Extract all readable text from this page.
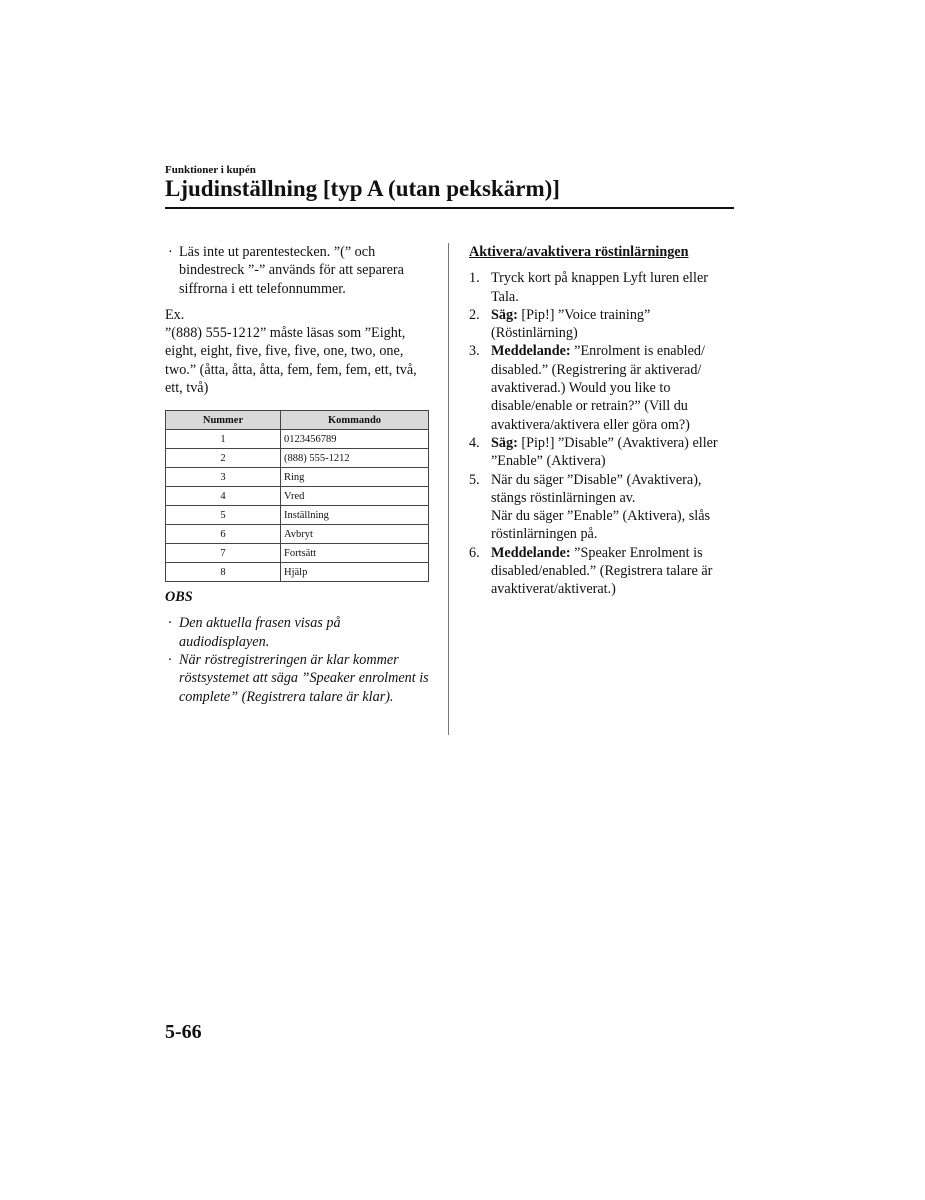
Funktioner i kupén
Ljudinställning [typ A (utan pekskärm)]
· Läs inte ut parentestecken. ”(” och bindestreck ”-” används för att separera siffrorna i ett telefonnummer.
Ex.
”(888) 555-1212” måste läsas som ”Eight, eight, eight, five, five, five, one, two, one, two.” (åtta, åtta, åtta, fem, fem, fem, ett, två, ett, två)
Nummer	Kommando
1	0123456789
2	(888) 555-1212
3	Ring
4	Vred
5	Inställning
6	Avbryt
7	Fortsätt
8	Hjälp
OBS
· Den aktuella frasen visas på audiodisplayen.
· När röstregistreringen är klar kommer röstsystemet att säga ”Speaker enrolment is complete” (Registrera talare är klar).
Aktivera/avaktivera röstinlärningen
1. Tryck kort på knappen Lyft luren eller Tala.
2. Säg: [Pip!] ”Voice training” (Röstinlärning)
3. Meddelande: ”Enrolment is enabled/ disabled.” (Registrering är aktiverad/ avaktiverad.) Would you like to disable/enable or retrain?” (Vill du avaktivera/aktivera eller göra om?)
4. Säg: [Pip!] ”Disable” (Avaktivera) eller ”Enable” (Aktivera)
5. När du säger ”Disable” (Avaktivera), stängs röstinlärningen av.
När du säger ”Enable” (Aktivera), slås röstinlärningen på.
6. Meddelande: ”Speaker Enrolment is disabled/enabled.” (Registrera talare är avaktiverat/aktiverat.)
5-66
